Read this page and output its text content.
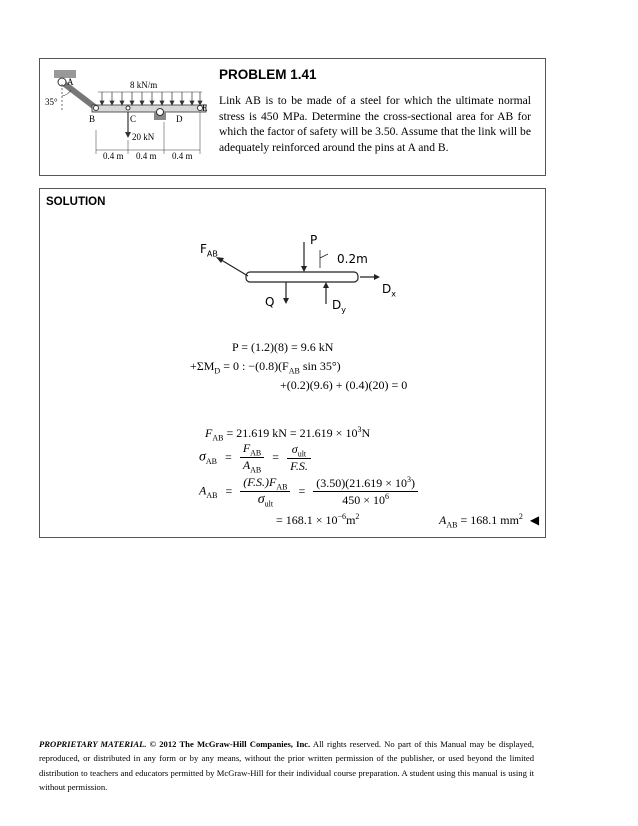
8 kN/m
35°
A
B	C	D
E
20 kN
0.4 m 0.4 m 0.4 m
PROBLEM 1.41
Link AB is to be made of a steel for which the ultimate normal stress is 450 MPa. Determine the cross-sectional area for AB for which the factor of safety will be 3.50. Assume that the link will be adequately reinforced around the pins at A and B.
SOLUTION
$F_{AB}$
P
0.2m
Q
$D_x$
$D_y$
P = (1.2)(8) = 9.6 kN
$+\Sigma M_D = 0$ : $-(0.8)(F_{AB}$ sin 35°)
+(0.2)(9.6) + (0.4)(20) = 0
$F_{AB} = 21.619$ kN = $21.619 \times 10^3N$
$\sigma_{AB} = \frac{F_{AB}}{A_{AB}} = \frac{\sigma_{ult}}{F.S.}$
$A_{AB} = \frac{(F.S.)F_{AB}}{\sigma_{ult}} = \frac{(3.50)(21.619 \times 10^3)}{450 \times 10^6}$
= $168.1 \times 10^{-6}m^2$	$A_{AB} = 168.1$ $mm^2$ ◀
PROPRIETARY MATERIAL. © 2012 The McGraw-Hill Companies, Inc. All rights reserved. No part of this Manual may be displayed, reproduced, or distributed in any form or by any means, without the prior written permission of the publisher, or used beyond the limited distribution to teachers and educators permitted by McGraw-Hill for their individual course preparation. A student using this manual is using it without permission.
